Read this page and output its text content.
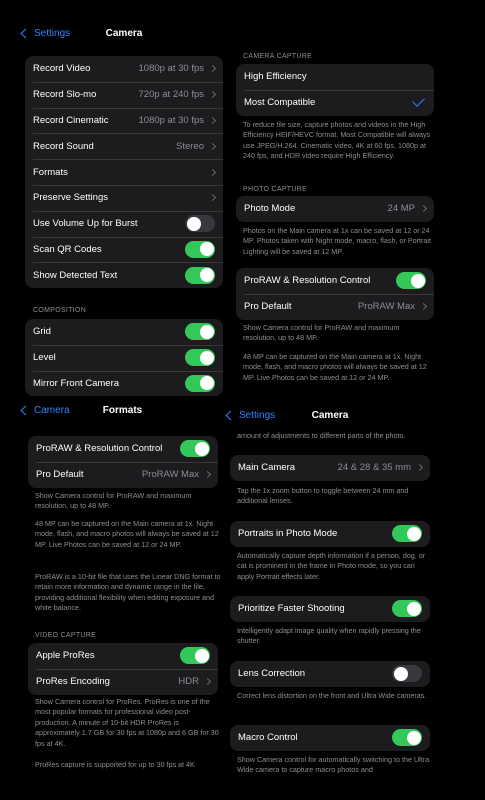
Settings	Camera
Record Video	1080p at 30 fps
Record Slo-mo	720p at 240 fps
Record Cinematic	1080p at 30 fps
Record Sound	Stereo
Formats
Preserve Settings
Use Volume Up for Burst
Scan QR Codes
Show Detected Text
COMPOSITION
Grid
Level
Mirror Front Camera
CAMERA CAPTURE
High Efficiency
Most Compatible
To reduce file size, capture photos and videos in the High Efficiency HEIF/HEVC format. Most Compatible will always use JPEG/H.264. Cinematic video, 4K at 60 fps, 1080p at 240 fps, and HDR video require High Efficiency.
PHOTO CAPTURE
Photo Mode	24 MP
Photos on the Main camera at 1x can be saved at 12 or 24 MP. Photos taken with Night mode, macro, flash, or Portrait Lighting will be saved at 12 MP.
ProRAW & Resolution Control
Pro Default	ProRAW Max
Show Camera control for ProRAW and maximum resolution, up to 48 MP.
48 MP can be captured on the Main camera at 1x. Night mode, flash, and macro photos will always be saved at 12 MP. Live Photos can be saved at 12 or 24 MP.
Camera	Formats
ProRAW & Resolution Control
Pro Default	ProRAW Max
Show Camera control for ProRAW and maximum resolution, up to 48 MP.
48 MP can be captured on the Main camera at 1x. Night mode, flash, and macro photos will always be saved at 12 MP. Live Photos can be saved at 12 or 24 MP.
ProRAW is a 10-bit file that uses the Linear DNG format to retain more information and dynamic range in the file, providing additional flexibility when editing exposure and white balance.
VIDEO CAPTURE
Apple ProRes
ProRes Encoding	HDR
Show Camera control for ProRes. ProRes is one of the most popular formats for professional video post-production. A minute of 10-bit HDR ProRes is approximately 1.7 GB for 30 fps at 1080p and 6 GB for 30 fps at 4K.
ProRes capture is supported for up to 30 fps at 4K
Settings	Camera
amount of adjustments to different parts of the photo.
Main Camera	24 & 28 & 35 mm
Tap the 1x zoom button to toggle between 24 mm and additional lenses.
Portraits in Photo Mode
Automatically capture depth information if a person, dog, or cat is prominent in the frame in Photo mode, so you can apply Portrait effects later.
Prioritize Faster Shooting
Intelligently adapt image quality when rapidly pressing the shutter.
Lens Correction
Correct lens distortion on the front and Ultra Wide cameras.
Macro Control
Show Camera control for automatically switching to the Ultra Wide camera to capture macro photos and
